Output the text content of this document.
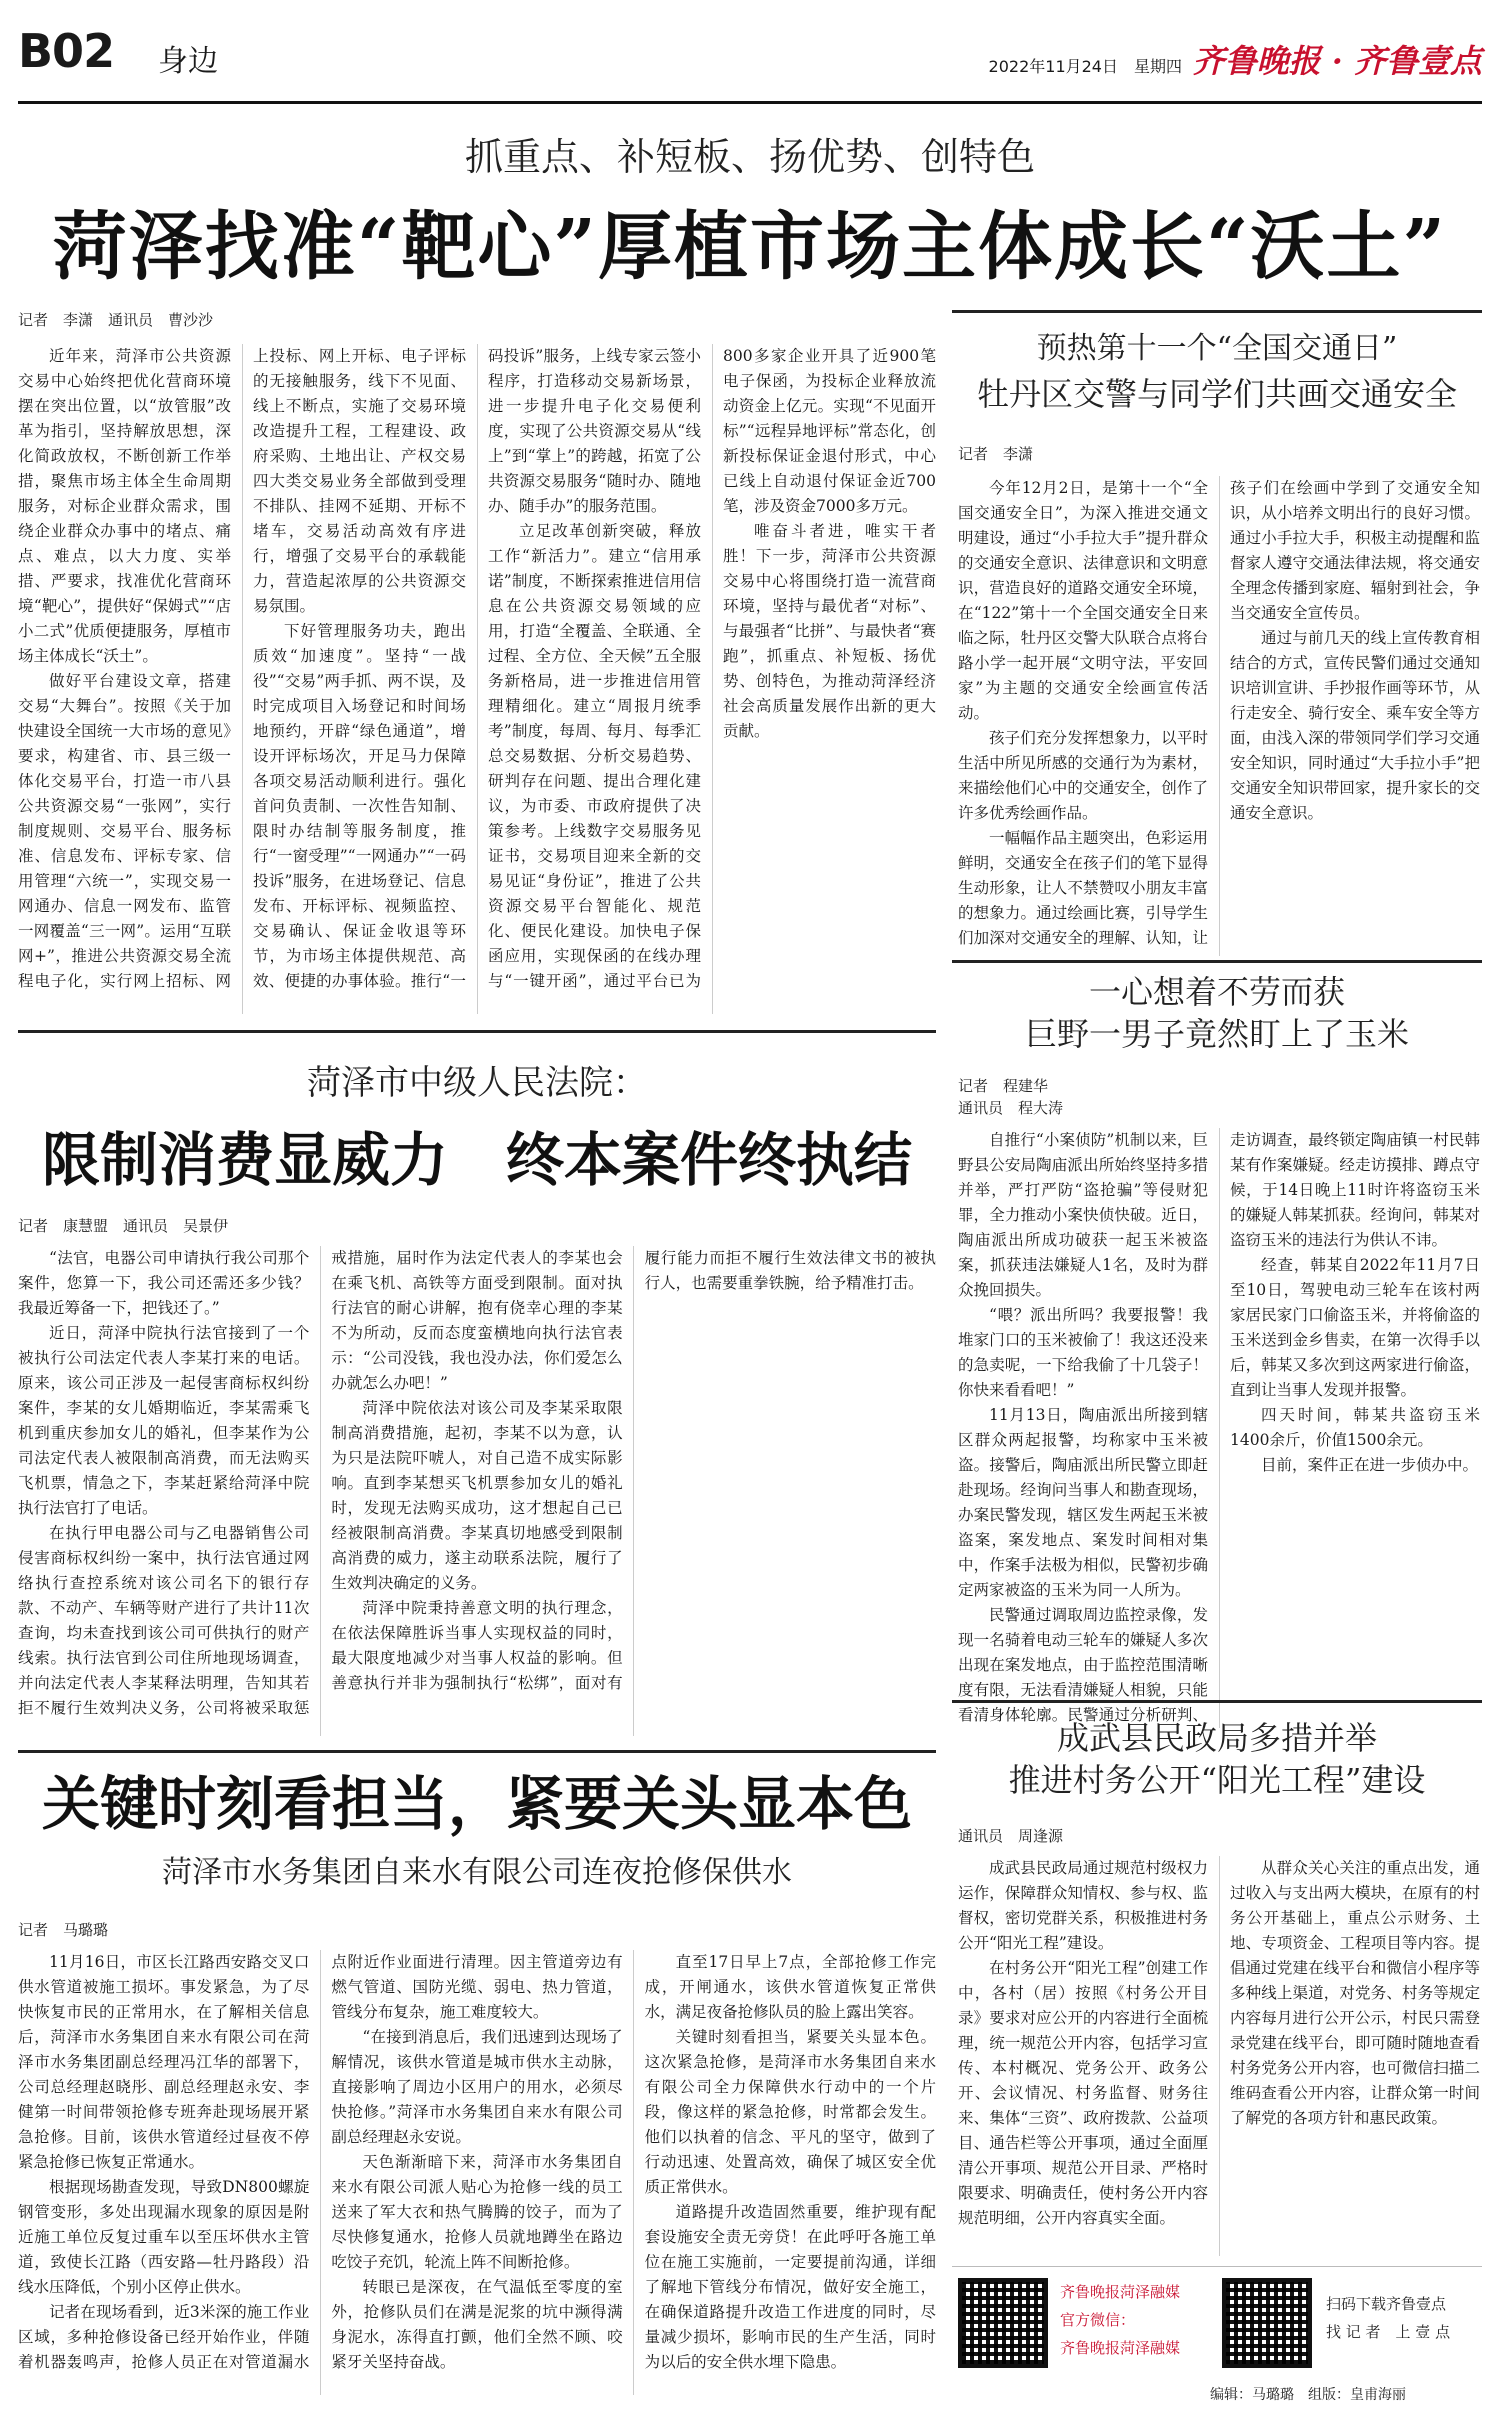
B02 身边	2022年11月24日　星期四 齐鲁晚报 · 齐鲁壹点
抓重点、补短板、扬优势、创特色
菏泽找准“靶心”厚植市场主体成长“沃土”
记者　李潇　通讯员　曹沙沙

近年来，菏泽市公共资源交易中心始终把优化营商环境摆在突出位置，以“放管服”改革为指引，坚持解放思想，深化简政放权，不断创新工作举措，聚焦市场主体全生命周期服务，对标企业群众需求，围绕企业群众办事中的堵点、痛点、难点，以大力度、实举措、严要求，找准优化营商环境“靶心”，提供好“保姆式”“店小二式”优质便捷服务，厚植市场主体成长“沃土”。

做好平台建设文章，搭建交易“大舞台”。按照《关于加快建设全国统一大市场的意见》要求，构建省、市、县三级一体化交易平台，打造一市八县公共资源交易“一张网”，实行制度规则、交易平台、服务标准、信息发布、评标专家、信用管理“六统一”，实现交易一网通办、信息一网发布、监管一网覆盖“三一网”。运用“互联网+”，推进公共资源交易全流程电子化，实行网上招标、网上投标、网上开标、电子评标的无接触服务，线下不见面、线上不断点，实施了交易环境改造提升工程，工程建设、政府采购、土地出让、产权交易四大类交易业务全部做到受理不排队、挂网不延期、开标不堵车，交易活动高效有序进行，增强了交易平台的承载能力，营造起浓厚的公共资源交易氛围。

下好管理服务功夫，跑出质效“加速度”。坚持“一战役”“交易”两手抓、两不误，及时完成项目入场登记和时间场地预约，开辟“绿色通道”，增设开评标场次，开足马力保障各项交易活动顺利进行。强化首问负责制、一次性告知制、限时办结制等服务制度，推行“一窗受理”“一网通办”“一码投诉”服务，在进场登记、信息发布、开标评标、视频监控、交易确认、保证金收退等环节，为市场主体提供规范、高效、便捷的办事体验。推行“一码投诉”服务，上线专家云签小程序，打造移动交易新场景，进一步提升电子化交易便利度，实现了公共资源交易从“线上”到“掌上”的跨越，拓宽了公共资源交易服务“随时办、随地办、随手办”的服务范围。

立足改革创新突破，释放工作“新活力”。建立“信用承诺”制度，不断探索推进信用信息在公共资源交易领域的应用，打造“全覆盖、全联通、全过程、全方位、全天候”五全服务新格局，进一步推进信用管理精细化。建立“周报月统季考”制度，每周、每月、每季汇总交易数据、分析交易趋势、研判存在问题、提出合理化建议，为市委、市政府提供了决策参考。上线数字交易服务见证书，交易项目迎来全新的交易见证“身份证”，推进了公共资源交易平台智能化、规范化、便民化建设。加快电子保函应用，实现保函的在线办理与“一键开函”，通过平台已为800多家企业开具了近900笔电子保函，为投标企业释放流动资金上亿元。实现“不见面开标”“远程异地评标”常态化，创新投标保证金退付形式，中心已线上自动退付保证金近700笔，涉及资金7000多万元。

唯奋斗者进，唯实干者胜！下一步，菏泽市公共资源交易中心将围绕打造一流营商环境，坚持与最优者“对标”、与最强者“比拼”、与最快者“赛跑”，抓重点、补短板、扬优势、创特色，为推动菏泽经济社会高质量发展作出新的更大贡献。

预热第十一个“全国交通日”
牡丹区交警与同学们共画交通安全
记者　李潇

今年12月2日，是第十一个“全国交通安全日”，为深入推进交通文明建设，通过“小手拉大手”提升群众的交通安全意识、法律意识和文明意识，营造良好的道路交通安全环境，在“122”第十一个全国交通安全日来临之际，牡丹区交警大队联合点将台路小学一起开展“文明守法，平安回家”为主题的交通安全绘画宣传活动。

孩子们充分发挥想象力，以平时生活中所见所感的交通行为为素材，来描绘他们心中的交通安全，创作了许多优秀绘画作品。

一幅幅作品主题突出，色彩运用鲜明，交通安全在孩子们的笔下显得生动形象，让人不禁赞叹小朋友丰富的想象力。通过绘画比赛，引导学生们加深对交通安全的理解、认知，让孩子们在绘画中学到了交通安全知识，从小培养文明出行的良好习惯。通过小手拉大手，积极主动提醒和监督家人遵守交通法律法规，将交通安全理念传播到家庭、辐射到社会，争当交通安全宣传员。

通过与前几天的线上宣传教育相结合的方式，宣传民警们通过交通知识培训宣讲、手抄报作画等环节，从行走安全、骑行安全、乘车安全等方面，由浅入深的带领同学们学习交通安全知识，同时通过“大手拉小手”把交通安全知识带回家，提升家长的交通安全意识。

菏泽市中级人民法院：
限制消费显威力　终本案件终执结
记者　康慧盟　通讯员　吴景伊

“法官，电器公司申请执行我公司那个案件，您算一下，我公司还需还多少钱？我最近筹备一下，把钱还了。”

近日，菏泽中院执行法官接到了一个被执行公司法定代表人李某打来的电话。原来，该公司正涉及一起侵害商标权纠纷案件，李某的女儿婚期临近，李某需乘飞机到重庆参加女儿的婚礼，但李某作为公司法定代表人被限制高消费，而无法购买飞机票，情急之下，李某赶紧给菏泽中院执行法官打了电话。

在执行甲电器公司与乙电器销售公司侵害商标权纠纷一案中，执行法官通过网络执行查控系统对该公司名下的银行存款、不动产、车辆等财产进行了共计11次查询，均未查找到该公司可供执行的财产线索。执行法官到公司住所地现场调查，并向法定代表人李某释法明理，告知其若拒不履行生效判决义务，公司将被采取惩戒措施，届时作为法定代表人的李某也会在乘飞机、高铁等方面受到限制。面对执行法官的耐心讲解，抱有侥幸心理的李某不为所动，反而态度蛮横地向执行法官表示：“公司没钱，我也没办法，你们爱怎么办就怎么办吧！”

菏泽中院依法对该公司及李某采取限制高消费措施，起初，李某不以为意，认为只是法院吓唬人，对自己造不成实际影响。直到李某想买飞机票参加女儿的婚礼时，发现无法购买成功，这才想起自己已经被限制高消费。李某真切地感受到限制高消费的威力，遂主动联系法院，履行了生效判决确定的义务。

菏泽中院秉持善意文明的执行理念，在依法保障胜诉当事人实现权益的同时，最大限度地减少对当事人权益的影响。但善意执行并非为强制执行“松绑”，面对有履行能力而拒不履行生效法律文书的被执行人，也需要重拳铁腕，给予精准打击。

一心想着不劳而获
巨野一男子竟然盯上了玉米
记者　程建华
通讯员　程大涛

自推行“小案侦防”机制以来，巨野县公安局陶庙派出所始终坚持多措并举，严打严防“盗抢骗”等侵财犯罪，全力推动小案快侦快破。近日，陶庙派出所成功破获一起玉米被盗案，抓获违法嫌疑人1名，及时为群众挽回损失。

“喂？派出所吗？我要报警！我堆家门口的玉米被偷了！我这还没来的急卖呢，一下给我偷了十几袋子！你快来看看吧！”

11月13日，陶庙派出所接到辖区群众两起报警，均称家中玉米被盗。接警后，陶庙派出所民警立即赶赴现场。经询问当事人和勘查现场，办案民警发现，辖区发生两起玉米被盗案，案发地点、案发时间相对集中，作案手法极为相似，民警初步确定两家被盗的玉米为同一人所为。

民警通过调取周边监控录像，发现一名骑着电动三轮车的嫌疑人多次出现在案发地点，由于监控范围清晰度有限，无法看清嫌疑人相貌，只能看清身体轮廓。民警通过分析研判、走访调查，最终锁定陶庙镇一村民韩某有作案嫌疑。经走访摸排、蹲点守候，于14日晚上11时许将盗窃玉米的嫌疑人韩某抓获。经询问，韩某对盗窃玉米的违法行为供认不讳。

经查，韩某自2022年11月7日至10日，驾驶电动三轮车在该村两家居民家门口偷盗玉米，并将偷盗的玉米送到金乡售卖，在第一次得手以后，韩某又多次到这两家进行偷盗，直到让当事人发现并报警。

四天时间，韩某共盗窃玉米1400余斤，价值1500余元。

目前，案件正在进一步侦办中。

关键时刻看担当，紧要关头显本色
菏泽市水务集团自来水有限公司连夜抢修保供水
记者　马璐璐

11月16日，市区长江路西安路交叉口供水管道被施工损坏。事发紧急，为了尽快恢复市民的正常用水，在了解相关信息后，菏泽市水务集团自来水有限公司在菏泽市水务集团副总经理冯江华的部署下，公司总经理赵晓彤、副总经理赵永安、李健第一时间带领抢修专班奔赴现场展开紧急抢修。目前，该供水管道经过昼夜不停紧急抢修已恢复正常通水。

根据现场勘查发现，导致DN800螺旋钢管变形，多处出现漏水现象的原因是附近施工单位反复过重车以至压坏供水主管道，致使长江路（西安路—牡丹路段）沿线水压降低，个别小区停止供水。

记者在现场看到，近3米深的施工作业区域，多种抢修设备已经开始作业，伴随着机器轰鸣声，抢修人员正在对管道漏水点附近作业面进行清理。因主管道旁边有燃气管道、国防光缆、弱电、热力管道，管线分布复杂，施工难度较大。

“在接到消息后，我们迅速到达现场了解情况，该供水管道是城市供水主动脉，直接影响了周边小区用户的用水，必须尽快抢修。”菏泽市水务集团自来水有限公司副总经理赵永安说。

天色渐渐暗下来，菏泽市水务集团自来水有限公司派人贴心为抢修一线的员工送来了军大衣和热气腾腾的饺子，而为了尽快修复通水，抢修人员就地蹲坐在路边吃饺子充饥，轮流上阵不间断抢修。

转眼已是深夜，在气温低至零度的室外，抢修队员们在满是泥浆的坑中濒得满身泥水，冻得直打颤，他们全然不顾、咬紧牙关坚持奋战。

直至17日早上7点，全部抢修工作完成，开闸通水，该供水管道恢复正常供水，满足夜备抢修队员的脸上露出笑容。

关键时刻看担当，紧要关头显本色。这次紧急抢修，是菏泽市水务集团自来水有限公司全力保障供水行动中的一个片段，像这样的紧急抢修，时常都会发生。他们以执着的信念、平凡的坚守，做到了行动迅速、处置高效，确保了城区安全优质正常供水。

道路提升改造固然重要，维护现有配套设施安全责无旁贷！在此呼吁各施工单位在施工实施前，一定要提前沟通，详细了解地下管线分布情况，做好安全施工，在确保道路提升改造工作进度的同时，尽量减少损坏，影响市民的生产生活，同时为以后的安全供水埋下隐患。

成武县民政局多措并举
推进村务公开“阳光工程”建设
通讯员　周逢源

成武县民政局通过规范村级权力运作，保障群众知情权、参与权、监督权，密切党群关系，积极推进村务公开“阳光工程”建设。

在村务公开“阳光工程”创建工作中，各村（居）按照《村务公开目录》要求对应公开的内容进行全面梳理，统一规范公开内容，包括学习宣传、本村概况、党务公开、政务公开、会议情况、村务监督、财务往来、集体“三资”、政府拨款、公益项目、通告栏等公开事项，通过全面厘清公开事项、规范公开目录、严格时限要求、明确责任，使村务公开内容规范明细，公开内容真实全面。

从群众关心关注的重点出发，通过收入与支出两大模块，在原有的村务公开基础上，重点公示财务、土地、专项资金、工程项目等内容。提倡通过党建在线平台和微信小程序等多种线上渠道，对党务、村务等规定内容每月进行公开公示，村民只需登录党建在线平台，即可随时随地查看村务党务公开内容，也可微信扫描二维码查看公开内容，让群众第一时间了解党的各项方针和惠民政策。

齐鲁晚报菏泽融媒
官方微信：
齐鲁晚报菏泽融媒
扫码下载齐鲁壹点
找 记 者　上 壹 点
编辑：马璐璐　组版：皇甫海丽
